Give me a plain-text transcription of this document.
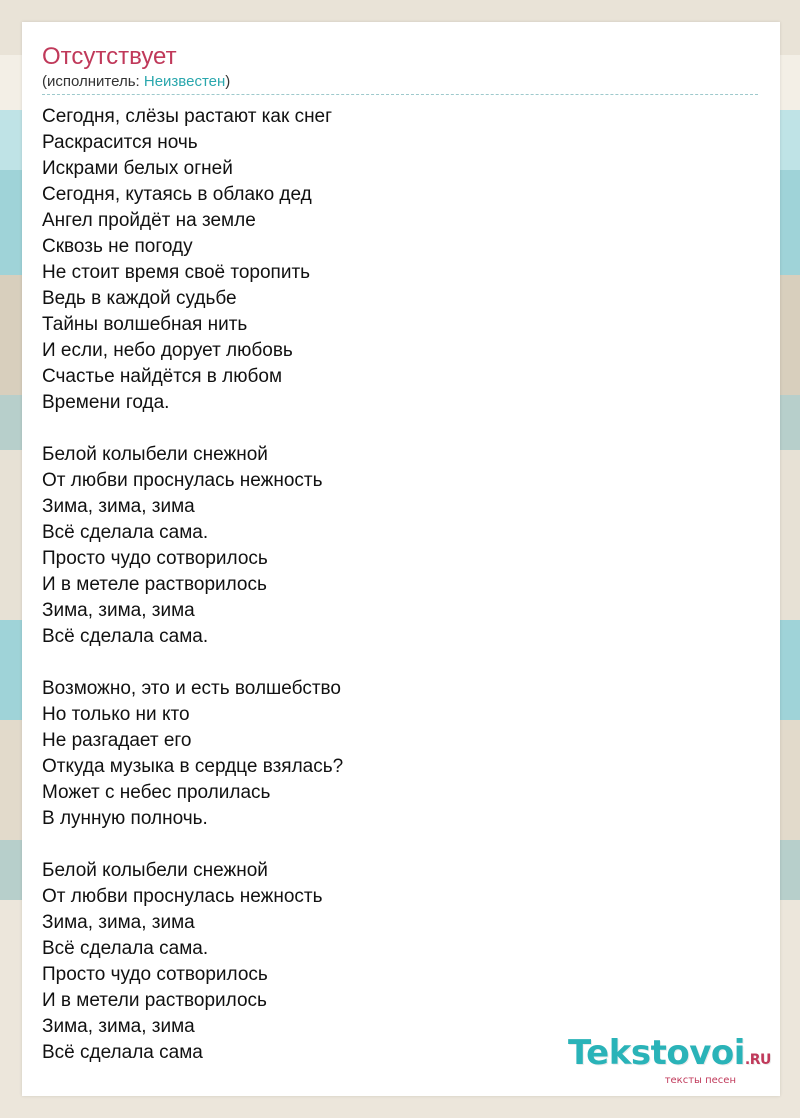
Отсутствует
(исполнитель: Неизвестен)
Сегодня, слёзы растают как снег
Раскрасится ночь
Искрами белых огней
Сегодня, кутаясь в облако дед
Ангел пройдёт на земле
Сквозь не погоду
Не стоит время своё торопить
Ведь в каждой судьбе
Тайны волшебная нить
И если, небо дорует любовь
Счастье найдётся в любом
Времени года.
Белой колыбели снежной
От любви проснулась нежность
Зима, зима, зима
Всё сделала сама.
Просто чудо сотворилось
И в метеле растворилось
Зима, зима, зима
Всё сделала сама.
Возможно, это и есть волшебство
Но только ни кто
Не разгадает его
Откуда музыка в сердце взялась?
Может с небес пролилась
В лунную полночь.
Белой колыбели снежной
От любви проснулась нежность
Зима, зима, зима
Всё сделала сама.
Просто чудо сотворилось
И в метели растворилось
Зима, зима, зима
Всё сделала сама	Tekstovoi.RU
тексты песен
